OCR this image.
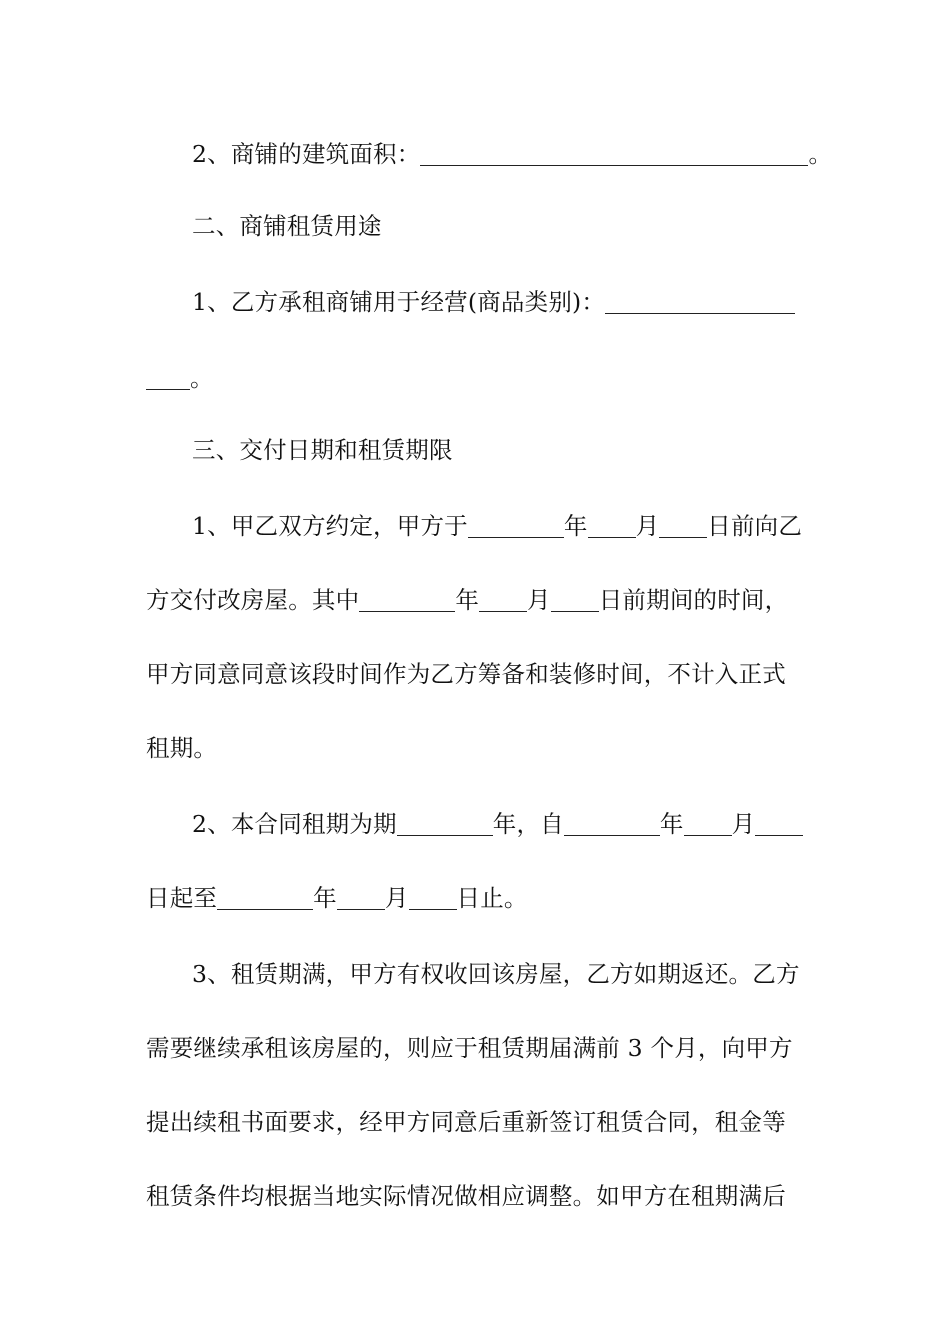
2、商铺的建筑面积：	。
二、商铺租赁用途
1、乙方承租商铺用于经营(商品类别)：
。
三、交付日期和租赁期限
1、甲乙双方约定，甲方于	年 月 日前向乙
方交付改房屋。其中	年 月 日前期间的时间，
甲方同意同意该段时间作为乙方筹备和装修时间，不计入正式
租期。
2、本合同租期为期	年，自	年 月
日起至	年 月 日止。
3、租赁期满，甲方有权收回该房屋，乙方如期返还。乙方
需要继续承租该房屋的，则应于租赁期届满前 3 个月，向甲方
提出续租书面要求，经甲方同意后重新签订租赁合同，租金等
租赁条件均根据当地实际情况做相应调整。如甲方在租期满后
